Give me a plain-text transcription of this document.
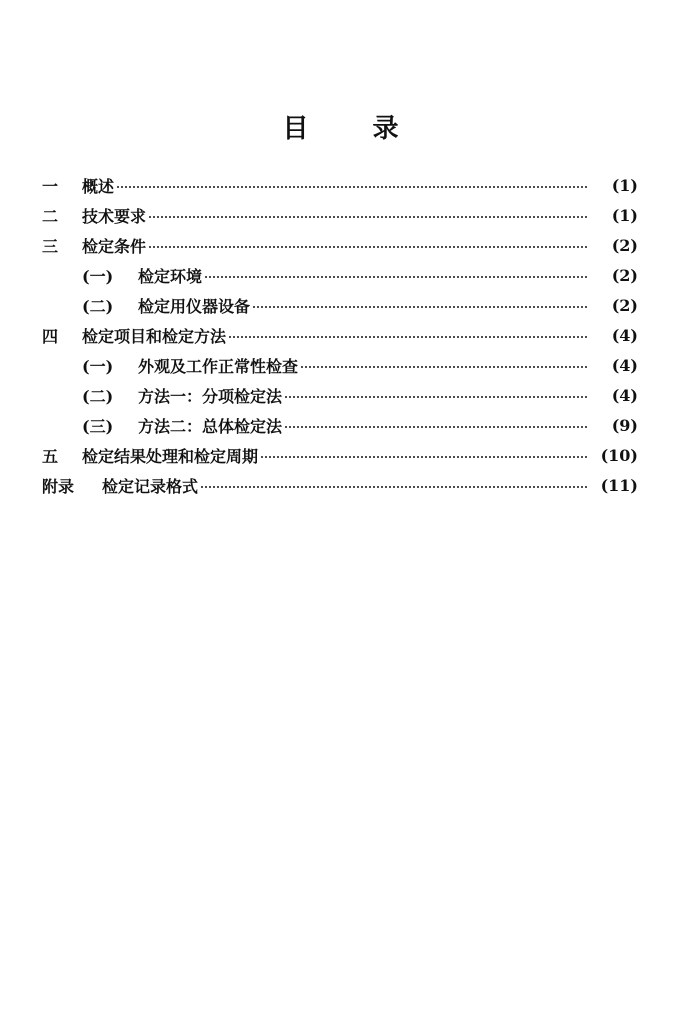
目 录
一	概述	(1)
二	技术要求	(1)
三	检定条件	(2)
(一)	检定环境	(2)
(二)	检定用仪器设备	(2)
四	检定项目和检定方法	(4)
(一)	外观及工作正常性检查	(4)
(二)	方法一：分项检定法	(4)
(三)	方法二：总体检定法	(9)
五	检定结果处理和检定周期	(10)
附录	检定记录格式	(11)
